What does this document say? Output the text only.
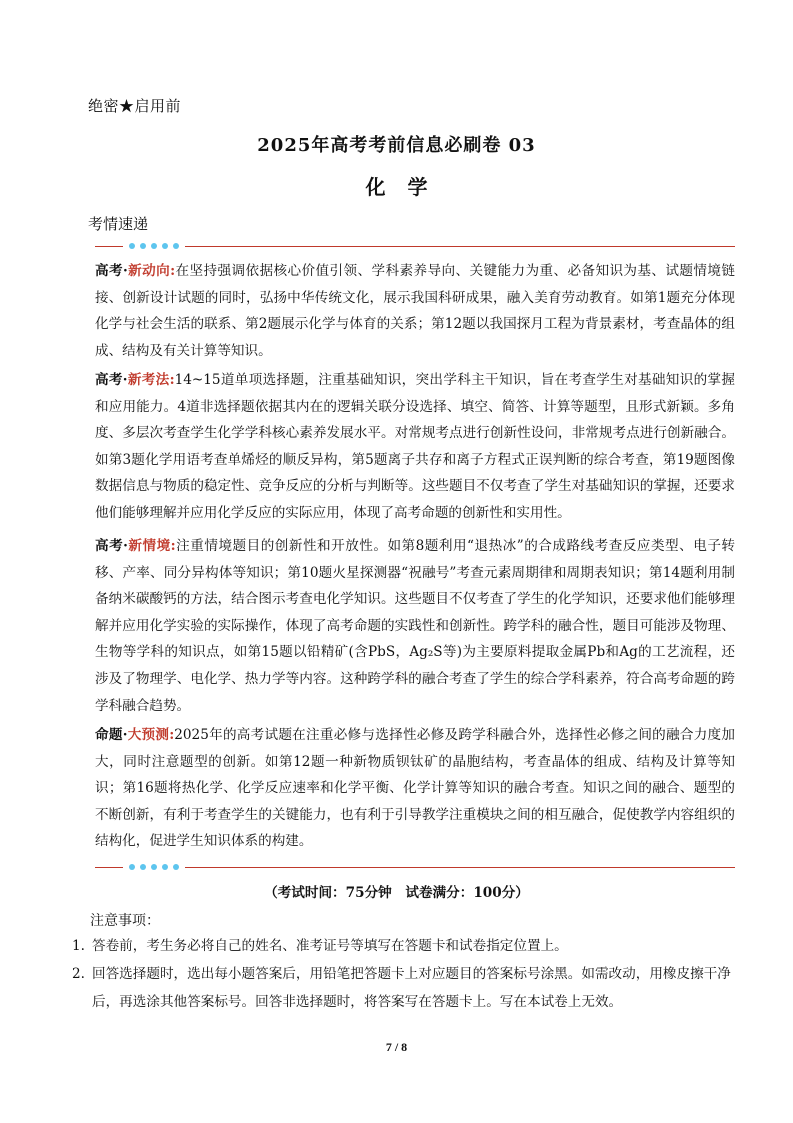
绝密★启用前
2025年高考考前信息必刷卷 03
化学
考情速递
高考·新动向:在坚持强调依据核心价值引领、学科素养导向、关键能力为重、必备知识为基、试题情境链接、创新设计试题的同时，弘扬中华传统文化，展示我国科研成果，融入美育劳动教育。如第1题充分体现化学与社会生活的联系、第2题展示化学与体育的关系；第12题以我国探月工程为背景素材，考查晶体的组成、结构及有关计算等知识。
高考·新考法:14~15道单项选择题，注重基础知识，突出学科主干知识，旨在考查学生对基础知识的掌握和应用能力。4道非选择题依据其内在的逻辑关联分设选择、填空、简答、计算等题型，且形式新颖。多角度、多层次考查学生化学学科核心素养发展水平。对常规考点进行创新性设问，非常规考点进行创新融合。如第3题化学用语考查单烯烃的顺反异构，第5题离子共存和离子方程式正误判断的综合考查，第19题图像数据信息与物质的稳定性、竞争反应的分析与判断等。这些题目不仅考查了学生对基础知识的掌握，还要求他们能够理解并应用化学反应的实际应用，体现了高考命题的创新性和实用性。
高考·新情境:注重情境题目的创新性和开放性。如第8题利用“退热冰”的合成路线考查反应类型、电子转移、产率、同分异构体等知识；第10题火星探测器“祝融号”考查元素周期律和周期表知识；第14题利用制备纳米碳酸钙的方法，结合图示考查电化学知识。这些题目不仅考查了学生的化学知识，还要求他们能够理解并应用化学实验的实际操作，体现了高考命题的实践性和创新性。跨学科的融合性，题目可能涉及物理、生物等学科的知识点，如第15题以铅精矿(含PbS，Ag₂S等)为主要原料提取金属Pb和Ag的工艺流程，还涉及了物理学、电化学、热力学等内容。这种跨学科的融合考查了学生的综合学科素养，符合高考命题的跨学科融合趋势。
命题·大预测:2025年的高考试题在注重必修与选择性必修及跨学科融合外，选择性必修之间的融合力度加大，同时注意题型的创新。如第12题一种新物质钡钛矿的晶胞结构，考查晶体的组成、结构及计算等知识；第16题将热化学、化学反应速率和化学平衡、化学计算等知识的融合考查。知识之间的融合、题型的不断创新，有利于考查学生的关键能力，也有利于引导教学注重模块之间的相互融合，促使教学内容组织的结构化，促进学生知识体系的构建。
（考试时间：75分钟　试卷满分：100分）
注意事项：
1. 答卷前，考生务必将自己的姓名、准考证号等填写在答题卡和试卷指定位置上。
2. 回答选择题时，选出每小题答案后，用铅笔把答题卡上对应题目的答案标号涂黑。如需改动，用橡皮擦干净后，再选涂其他答案标号。回答非选择题时，将答案写在答题卡上。写在本试卷上无效。
7 / 8
